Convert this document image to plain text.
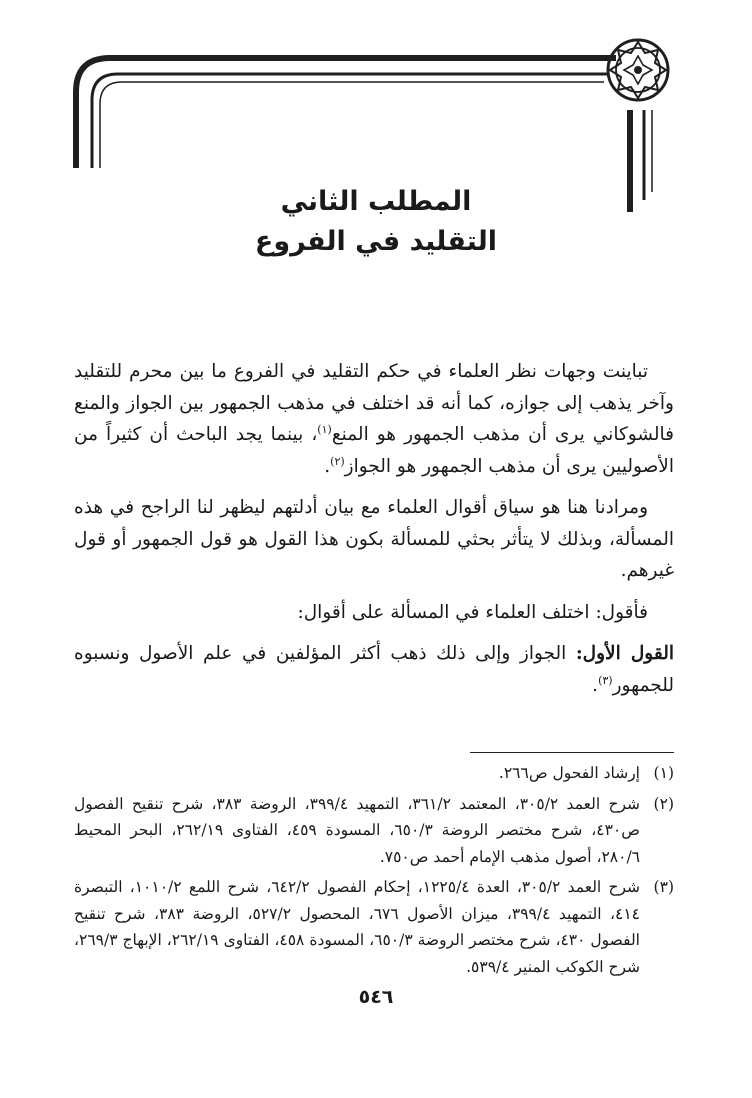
المطلب الثاني
التقليد في الفروع

تباينت وجهات نظر العلماء في حكم التقليد في الفروع ما بين محرم للتقليد وآخر يذهب إلى جوازه، كما أنه قد اختلف في مذهب الجمهور بين الجواز والمنع فالشوكاني يرى أن مذهب الجمهور هو المنع$^{(١)}$، بينما يجد الباحث أن كثيراً من الأصوليين يرى أن مذهب الجمهور هو الجواز$^{(٢)}$.

ومرادنا هنا هو سياق أقوال العلماء مع بيان أدلتهم ليظهر لنا الراجح في هذه المسألة، وبذلك لا يتأثر بحثي للمسألة بكون هذا القول هو قول الجمهور أو قول غيرهم.

فأقول: اختلف العلماء في المسألة على أقوال:

القول الأول: الجواز وإلى ذلك ذهب أكثر المؤلفين في علم الأصول ونسبوه للجمهور$^{(٣)}$.

(١)
إرشاد الفحول ص٢٦٦.
(٢)
شرح العمد ٣٠٥/٢، المعتمد ٣٦١/٢، التمهيد ٣٩٩/٤، الروضة ٣٨٣، شرح تنقيح الفصول ص٤٣٠، شرح مختصر الروضة ٦٥٠/٣، المسودة ٤٥٩، الفتاوى ٢٦٢/١٩، البحر المحيط ٢٨٠/٦، أصول مذهب الإمام أحمد ص٧٥٠.
(٣)
شرح العمد ٣٠٥/٢، العدة ١٢٢٥/٤، إحكام الفصول ٦٤٢/٢، شرح اللمع ١٠١٠/٢، التبصرة ٤١٤، التمهيد ٣٩٩/٤، ميزان الأصول ٦٧٦، المحصول ٥٢٧/٢، الروضة ٣٨٣، شرح تنقيح الفصول ٤٣٠، شرح مختصر الروضة ٦٥٠/٣، المسودة ٤٥٨، الفتاوى ٢٦٢/١٩، الإبهاج ٢٦٩/٣، شرح الكوكب المنير ٥٣٩/٤.
٥٤٦
